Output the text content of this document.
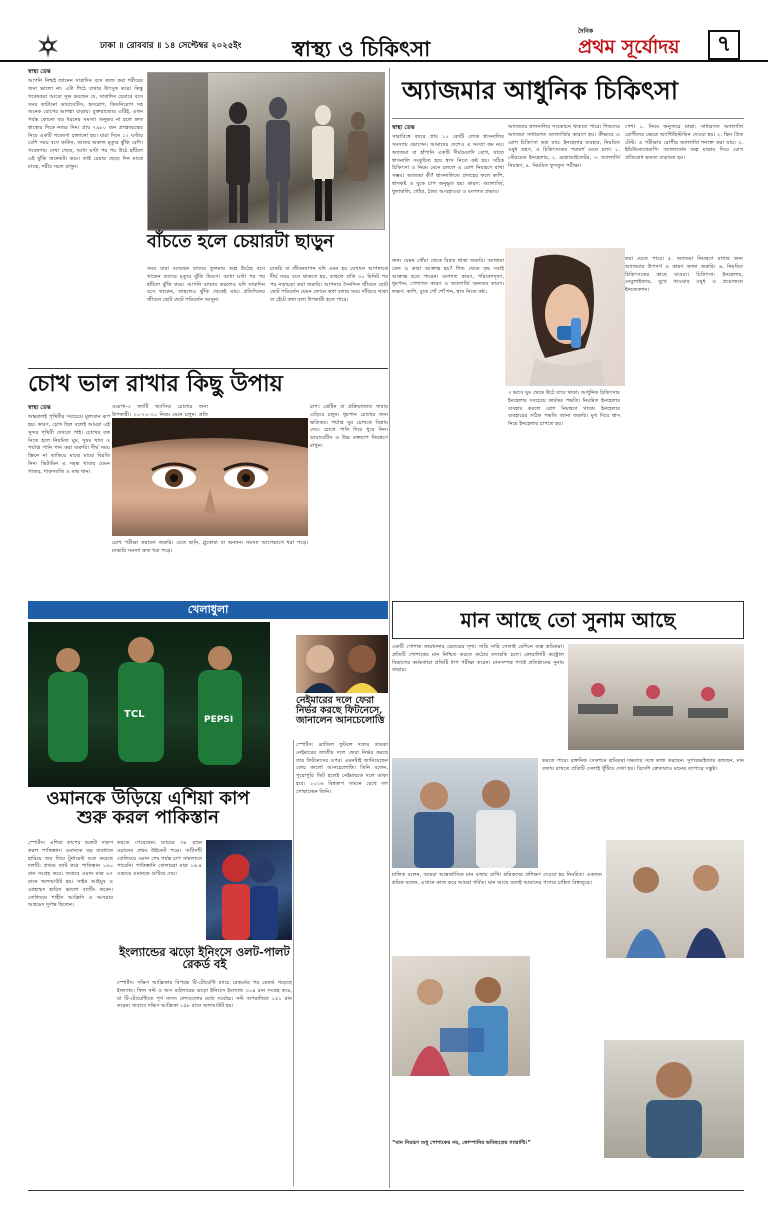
ঢাকা ॥ রোববার ॥ ১৪ সেপ্টেম্বর ২০২৫ইং স্বাস্থ্য ও চিকিৎসা
দৈনিক
প্রথম সূর্যোদয়	৭
স্বাস্থ্য ডেস্ক
আপনি নিশ্চই জানেন সারাদিন বসে কাজ করা শরীরের জন্য ভালো না। এটা শিঠে ব্যথার উৎসুক করে। কিন্তু গবেষকরা আরো সুক্ষ করছেন যে, সারাদিন চেয়ারে বসে সময় কাটানো ডায়াবেটিস, হৃদরোগ, কিডনিরোগ সহ অনেক রোগের আশঙ্কা বাড়ায়। যুক্তরাজ্যের এটিই, এখন পর্যন্ত কোনো বড় ধরনের সমস্যা অনুভব না হলে দ্রুত স্বাস্থ্যের দিকে নজর দিন। প্রায় ৭৯৮০ জন প্রাপ্তবয়স্কের নিয়ে একটি গবেষণা চালানো হয়। যারা দিনে ১২ ঘণ্টার বেশি সময় বসে কাটান, তাদের অকাল মৃত্যুর ঝুঁকি বেশি। গবেষণায় দেখা গেছে, আধা ঘণ্টা পর পর উঠে হাঁটলে এই ঝুঁকি অনেকটা কমে। তাই চেয়ার ছেড়ে দিন মাঝে মাঝে, শরীর সচল রাখুন।
বাঁচতে হলে চেয়ারটা ছাড়ুন
সময় যারা বসেছেন তাদের তুলনায় অল্প উঠেছ বসে থাকেন তাদের মৃত্যুর ঝুঁকি দ্বিগুণ। আধা ঘণ্টা পর পর হাঁটলে ঝুঁকি কমে। আপনি ব্যায়াম করলেও যদি সারাদিন বসে থাকেন, তাহলেও ঝুঁকি থেকেই যায়। প্রতিদিনের জীবনে ছোট ছোট পরিবর্তন আনুন।
চাকরি বা জীবনযাপন যদি এমন হয় যেখানে আপনাকে দীর্ঘ সময় বসে থাকতে হয়, তাহলে প্রতি ৩০ মিনিট পর পর নড়াচড়া করা জরুরি। আপনার দৈনন্দিন জীবনে ছোট ছোট পরিবর্তন যেমন ফোনে কথা বলার সময় দাঁড়িয়ে থাকা বা হেঁটে কথা বলা উপকারী হতে পারে।
অ্যাজমার আধুনিক চিকিৎসা
স্বাস্থ্য ডেস্ক
সারাবিশ্বে বছরে প্রায় ১০ কোটি লোক শ্বাসনালির সমস্যায় ভোগেন। আমাদের দেশেও এ সংখ্যা কম নয়। অ্যাজমা বা হাঁপানি একটি দীর্ঘমেয়াদি রোগ, যাতে শ্বাসনালি সংকুচিত হয়ে শ্বাস নিতে কষ্ট হয়। সঠিক চিকিৎসা ও নিয়ম মেনে চললে এ রোগ নিয়ন্ত্রণে রাখা সম্ভব। অ্যাজমা কী? শ্বাসনালিতে প্রদাহের ফলে কাশি, শ্বাসকষ্ট ও বুকে চাপ অনুভূত হয়। কারণ: অ্যালার্জি, ধুলাবালি, ধোঁয়া, ঠান্ডা আবহাওয়া ও বংশগত প্রভাব।
অ্যাজমার শ্বাসনালির সংকোচন থাকতে পারে। শিশুদের অ্যাজমা সাধারণত অ্যালার্জির কারণে হয়। কীভাবে এ রোগ চিকিৎসা করা যায়: ইনহেলার ব্যবহার, নিয়মিত ওষুধ গ্রহণ, ও চিকিৎসকের পরামর্শ মেনে চলা। ১. স্টেরয়েড ইনহেলার, ২. ব্রঙ্কোডাইলেটর, ৩. অ্যালার্জি নিয়ন্ত্রণ, ৪. নিয়মিত ফুসফুস পরীক্ষা।
পেশা ১. নিয়ম অনুসারে মাত্রা: সাধারণত অ্যালার্জি রোগীদের ক্ষেত্রে অ্যান্টিহিস্টামিন দেওয়া হয়। ২. স্কিন প্রিক টেস্ট: এ পরীক্ষায় রোগীর অ্যালার্জি শনাক্ত করা যায়। ৩. ইমিউনোথেরাপি: অ্যালার্জেন অল্প মাত্রায় দিয়ে রোগ প্রতিরোধ ক্ষমতা বাড়ানো হয়।
জন্য যেমন ধোঁয়া থেকে বিরত থাকা জরুরি। অ্যাজমা কেন ও কারা আক্রান্ত হয়? শিশু থেকে বৃদ্ধ সবাই আক্রান্ত হতে পারেন। বংশগত কারণ, পরিবেশদূষণ, ধূমপান, পেশাগত কারণ ও অ্যালার্জি অন্যতম কারণ। লক্ষণ: কাশি, বুকে শোঁ শোঁ শব্দ, শ্বাস নিতে কষ্ট।
৩ ভাবে ঘুম থেকে উঠে যাবে থাকা। আধুনিক চিকিৎসায় ইনহেলার সবচেয়ে কার্যকর পদ্ধতি। নিয়মিত ইনহেলার ব্যবহার করলে রোগ নিয়ন্ত্রণে থাকে। ইনহেলার ব্যবহারের সঠিক পদ্ধতি জানা জরুরি। মুখ দিয়ে শ্বাস নিয়ে ইনহেলার চাপতে হয়।
করা যেতে পারে। ৫. অ্যাজমা নিয়ন্ত্রণে রাখার জন্য অ্যাজমার উপসর্গ ও কারণ জানা জরুরি। ৬. নিয়মিত চিকিৎসকের কাছে যাওয়া। চিকিৎসা: ইনহেলার, নেবুলাইজার, মুখে খাওয়ার ওষুধ ও প্রয়োজনে ইনজেকশন।
চোখ ভাল রাখার কিছু উপায়
স্বাস্থ্য ডেস্ক
অন্তরালই পৃথিবীর সবচেয়ে মূল্যবান রূপ হয়। কারণ, চোখ ছিল বলেই আমরা এই সুন্দর পৃথিবী দেখতে পাই। চোখের যত্ন নিতে হলে নিয়মিত ঘুম, সুষম খাদ্য ও পর্যাপ্ত পানি পান করা জরুরি। দীর্ঘ সময় স্ক্রিনে না তাকিয়ে মাঝে মাঝে বিরতি নিন। ভিটামিন এ সমৃদ্ধ খাবার যেমন গাজর, শাকসবজি ও মাছ খান।
ওমেগা-৩ ফ্যাটি অ্যাসিড চোখের জন্য উপকারী। ২০-২০-২০ নিয়ম মেনে চলুন: প্রতি ২০ মিনিটে ২০ ফুট দূরে ২০ সেকেন্ড তাকান। সানগ্লাস ব্যবহার করুন। চোখ ঘষবেন না। নিয়মিত চোখ পরীক্ষা করান।
চাপ। ত্রেটিন বা প্রক্রিয়াজাত খাবার এড়িয়ে চলুন। ধূমপান চোখের জন্য ক্ষতিকর। পর্যাপ্ত ঘুম চোখকে বিশ্রাম দেয়। চোখে পানি দিয়ে ধুয়ে নিন। ডায়াবেটিস ও উচ্চ রক্তচাপ নিয়ন্ত্রণে রাখুন।
চোখ পরীক্ষা করানো জরুরি। এতে ছানি, গ্লুকোমা বা অন্যান্য সমস্যা আগেভাগে ধরা পড়ে। মাঝারি সমস্যা দ্রুত ধরা পড়ে।
খেলাধুলা
TCL	PEPSI
নেইমারের দলে ফেরা নির্ভর করছে ফিটনেসে, জানালেন আনচেলোত্তি
স্পোর্টস: ব্রাজিল ফুটবল দলের তারকা নেইমারের জাতীয় দলে ফেরা নির্ভর করছে তার ফিটনেসের ওপর। এমনটাই জানিয়েছেন কোচ কার্লো আনচেলোত্তি। তিনি বলেন, পুরোপুরি ফিট হলেই নেইমারকে দলে ডাকা হবে। ২০২৬ বিশ্বকাপ সামনে রেখে দল গোছাচ্ছেন তিনি।
ওমানকে উড়িয়ে এশিয়া কাপ শুরু করল পাকিস্তান
স্পোর্টস: এশিয়া কাপের শুরুটা দারুণ করল পাকিস্তান। ওমানকে বড় ব্যবধানে হারিয়ে জয় দিয়ে টুর্নামেন্ট শুরু করেছে দলটি। প্রথমে ব্যাট করে পাকিস্তান ১৬০ রান সংগ্রহ করে। জবাবে ওমান মাত্র ৬৭ রানে অলআউট হয়। সাইম আইয়ুব ও মোহাম্মদ হারিস ভালো ব্যাটিং করেন। বোলিংয়ে শাহীন আফ্রিদি ও আবরার আহমেদ দুর্দান্ত ছিলেন।
করতে পেরেছেন। ম্যাচের ৩৮ রানে ওমানের প্রথম উইকেট পড়ে। আঁটসাঁট বোলিংয়ে ওমান শেষ পর্যন্ত চাপ সামলাতে পারেনি। পাকিস্তানি বোলাররা মাত্র ১৬.৪ ওভারে ওমানকে গুটিয়ে দেয়।
ইংল্যান্ডের ঝড়ো ইনিংসে ওলট-পালট রেকর্ড বই
স্পোর্টস: দক্ষিণ আফ্রিকার বিপক্ষে টি-টোয়েন্টি ম্যাচে রেকর্ডের পর রেকর্ড গড়েছে ইংল্যান্ড। ফিল সল্ট ও জস বাটলারের ঝড়ো ইনিংসে ইংল্যান্ড ৩০৪ রান সংগ্রহ করে, যা টি-টোয়েন্টিতে পূর্ণ সদস্য দেশগুলোর মধ্যে সর্বোচ্চ। সল্ট অপরাজিত ১৪১ রান করেন। জবাবে দক্ষিণ আফ্রিকা ১৫৮ রানে অলআউট হয়।
মান আছে তো সুনাম আছে
একটি পোশাক কারখানার ভেতরের দৃশ্য। সারি সারি সেলাই মেশিনে ব্যস্ত শ্রমিকরা। প্রতিটি পোশাকের মান নিশ্চিত করতে কঠোর তদারকি চলে। কোয়ালিটি কন্ট্রোল বিভাগের কর্মকর্তারা প্রতিটি ধাপ পরীক্ষা করেন। মানসম্পন্ন পণ্যই প্রতিষ্ঠানের সুনাম বাড়ায়।
করতে পারে। রক্তনিক সেকশনে শ্রমিকরা দক্ষতার সঙ্গে কাজ করছেন। সুপারভাইজার বলছেন, মান বজায় রাখতে প্রতিটি সেলাই খুঁটিয়ে দেখা হয়। বিদেশি ক্রেতারাও মানের ব্যাপারে সন্তুষ্ট।
মালিক বলেন, আমরা আন্তর্জাতিক মান বজায় রাখি। শ্রমিকদের প্রশিক্ষণ দেওয়া হয় নিয়মিত। একজন শ্রমিক বলেন, এখানে কাজ করে আমরা গর্বিত। মান আছে বলেই আমাদের পণ্যের চাহিদা বিশ্বজুড়ে।
“মান নিয়ন্ত্রণ শুধু পোশাকের নয়, কোম্পানির ভবিষ্যতের গ্যারান্টি।”
